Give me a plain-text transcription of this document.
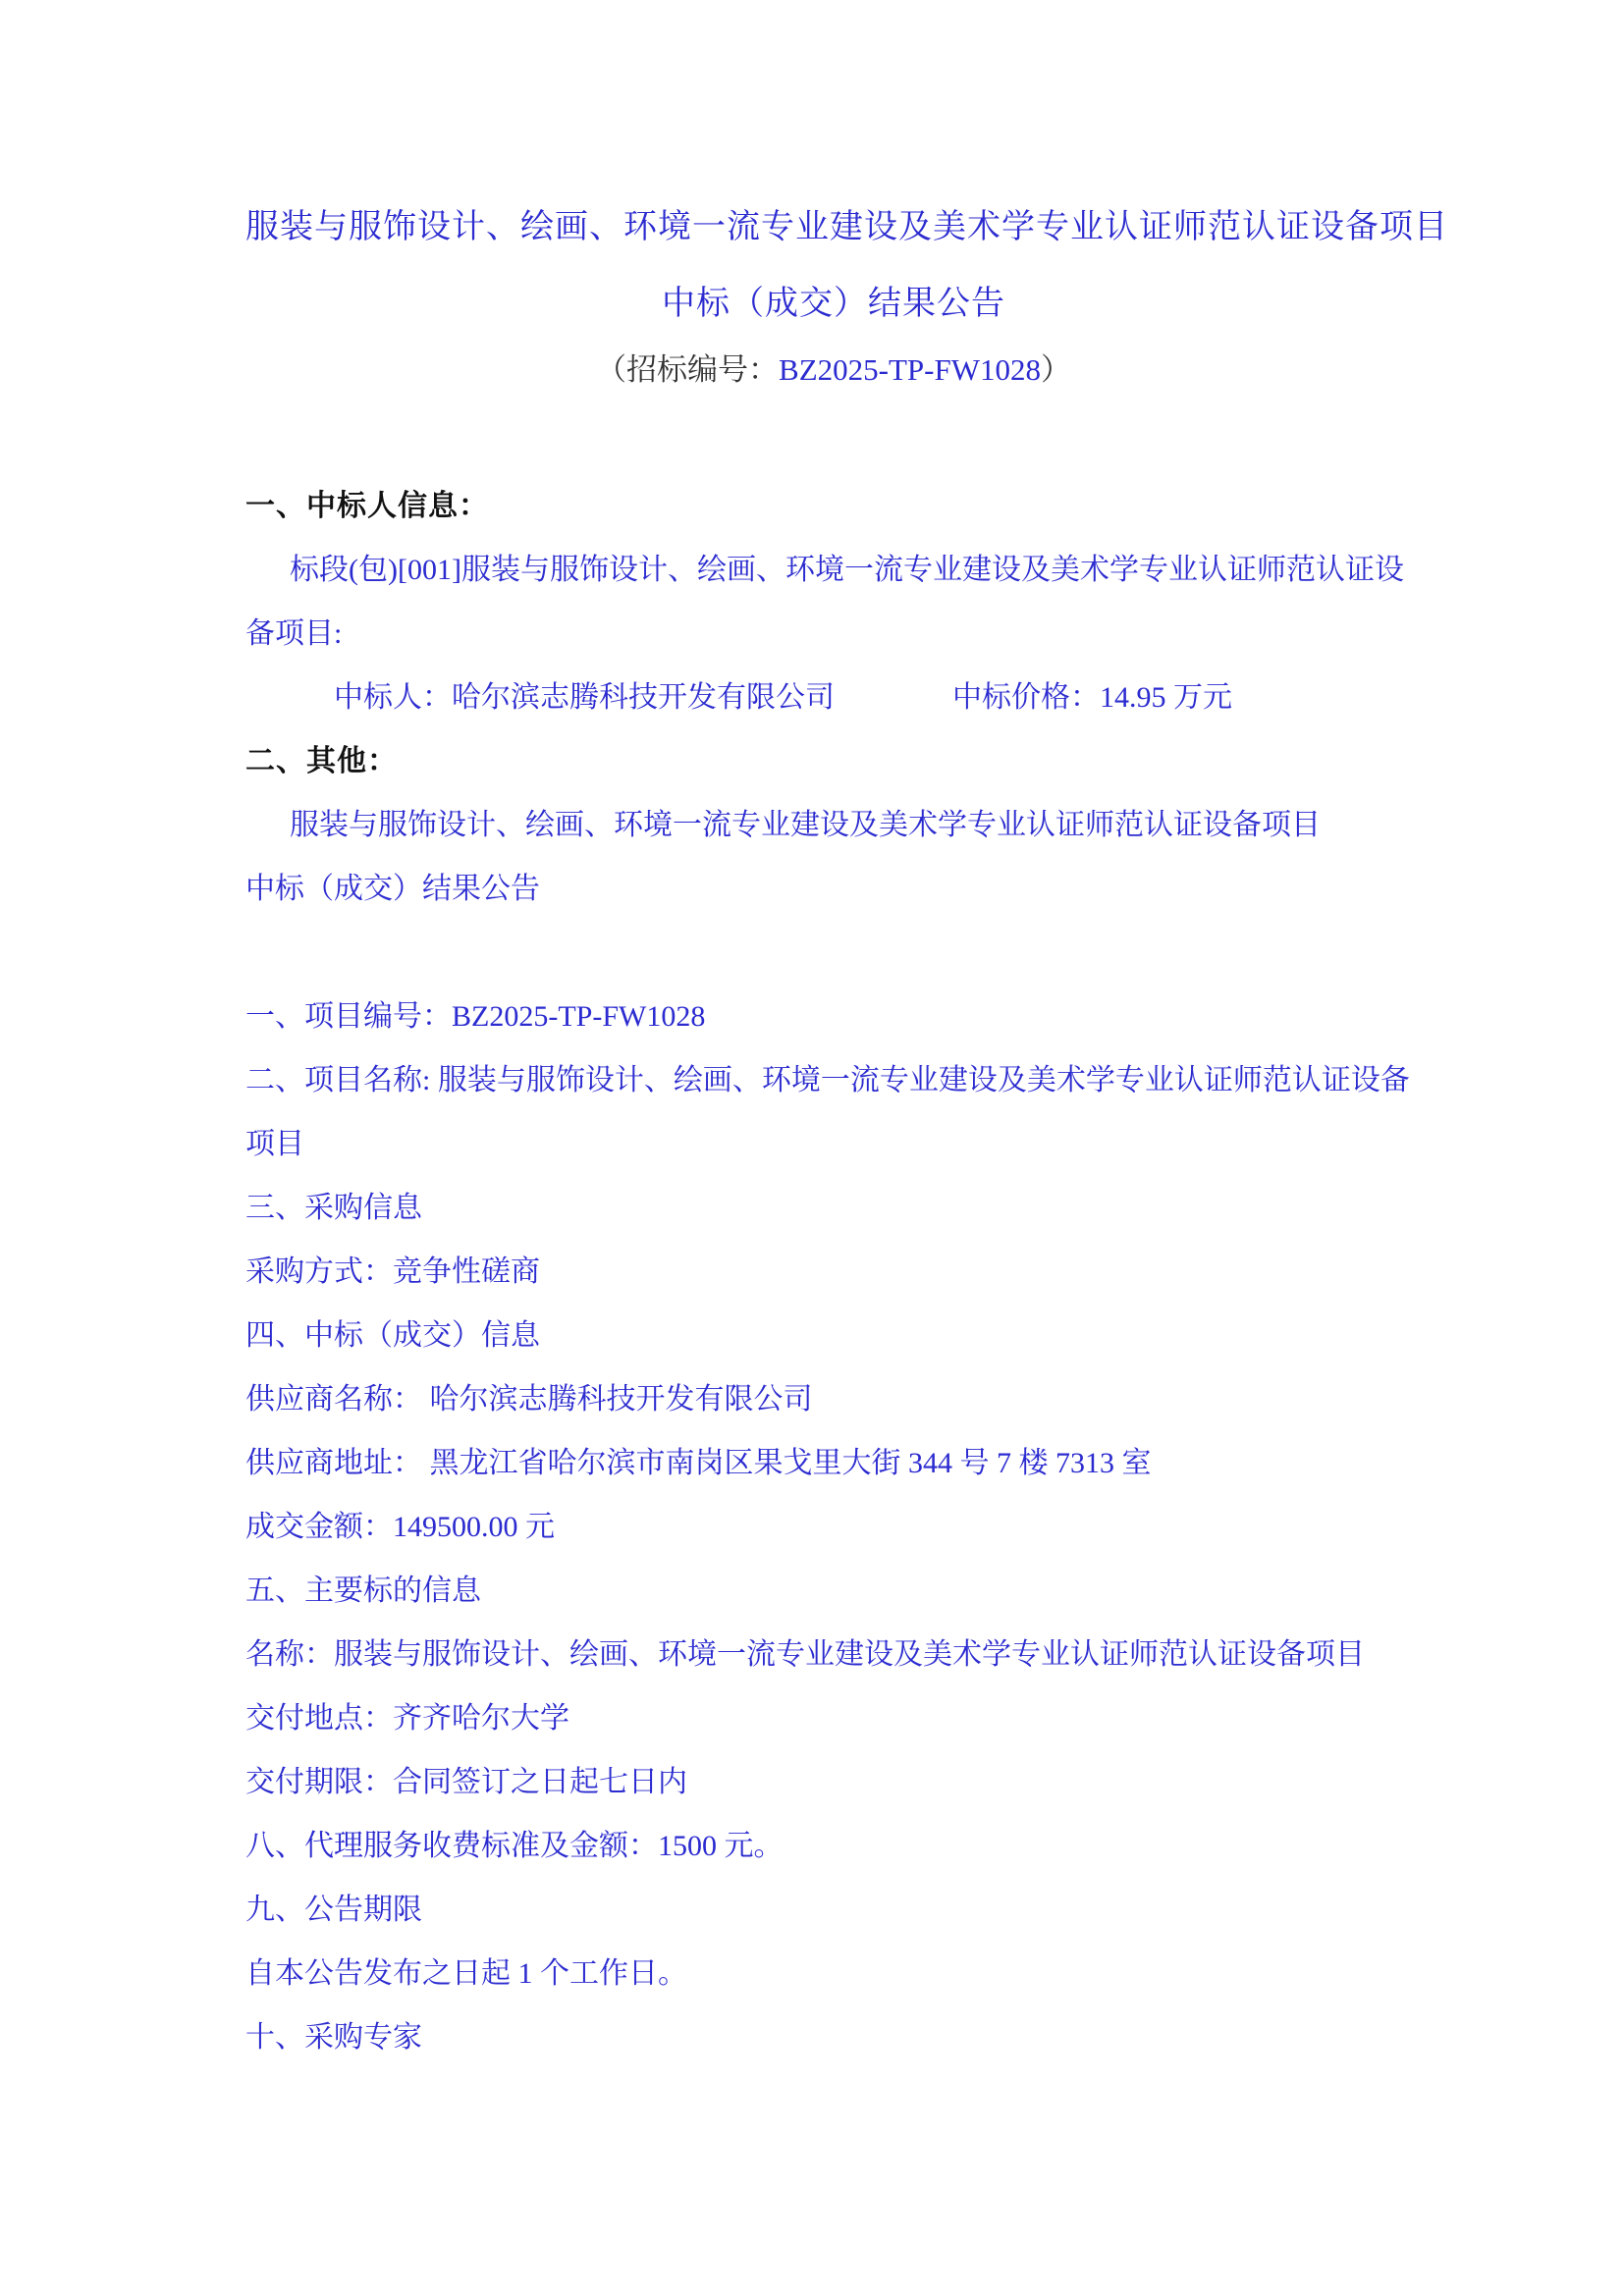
服装与服饰设计、绘画、环境一流专业建设及美术学专业认证师范认证设备项目
中标（成交）结果公告
（招标编号：BZ2025-TP-FW1028）
一、中标人信息：
标段(包)[001]服装与服饰设计、绘画、环境一流专业建设及美术学专业认证师范认证设备项目:
中标人：哈尔滨志腾科技开发有限公司　　　　中标价格：14.95 万元
二、其他：
服装与服饰设计、绘画、环境一流专业建设及美术学专业认证师范认证设备项目
中标（成交）结果公告
一、项目编号：BZ2025-TP-FW1028
二、项目名称: 服装与服饰设计、绘画、环境一流专业建设及美术学专业认证师范认证设备项目
三、采购信息
采购方式：竞争性磋商
四、中标（成交）信息
供应商名称： 哈尔滨志腾科技开发有限公司
供应商地址： 黑龙江省哈尔滨市南岗区果戈里大街 344 号 7 楼 7313 室
成交金额：149500.00 元
五、主要标的信息
名称：服装与服饰设计、绘画、环境一流专业建设及美术学专业认证师范认证设备项目
交付地点：齐齐哈尔大学
交付期限：合同签订之日起七日内
八、代理服务收费标准及金额：1500 元。
九、公告期限
自本公告发布之日起 1 个工作日。
十、采购专家
